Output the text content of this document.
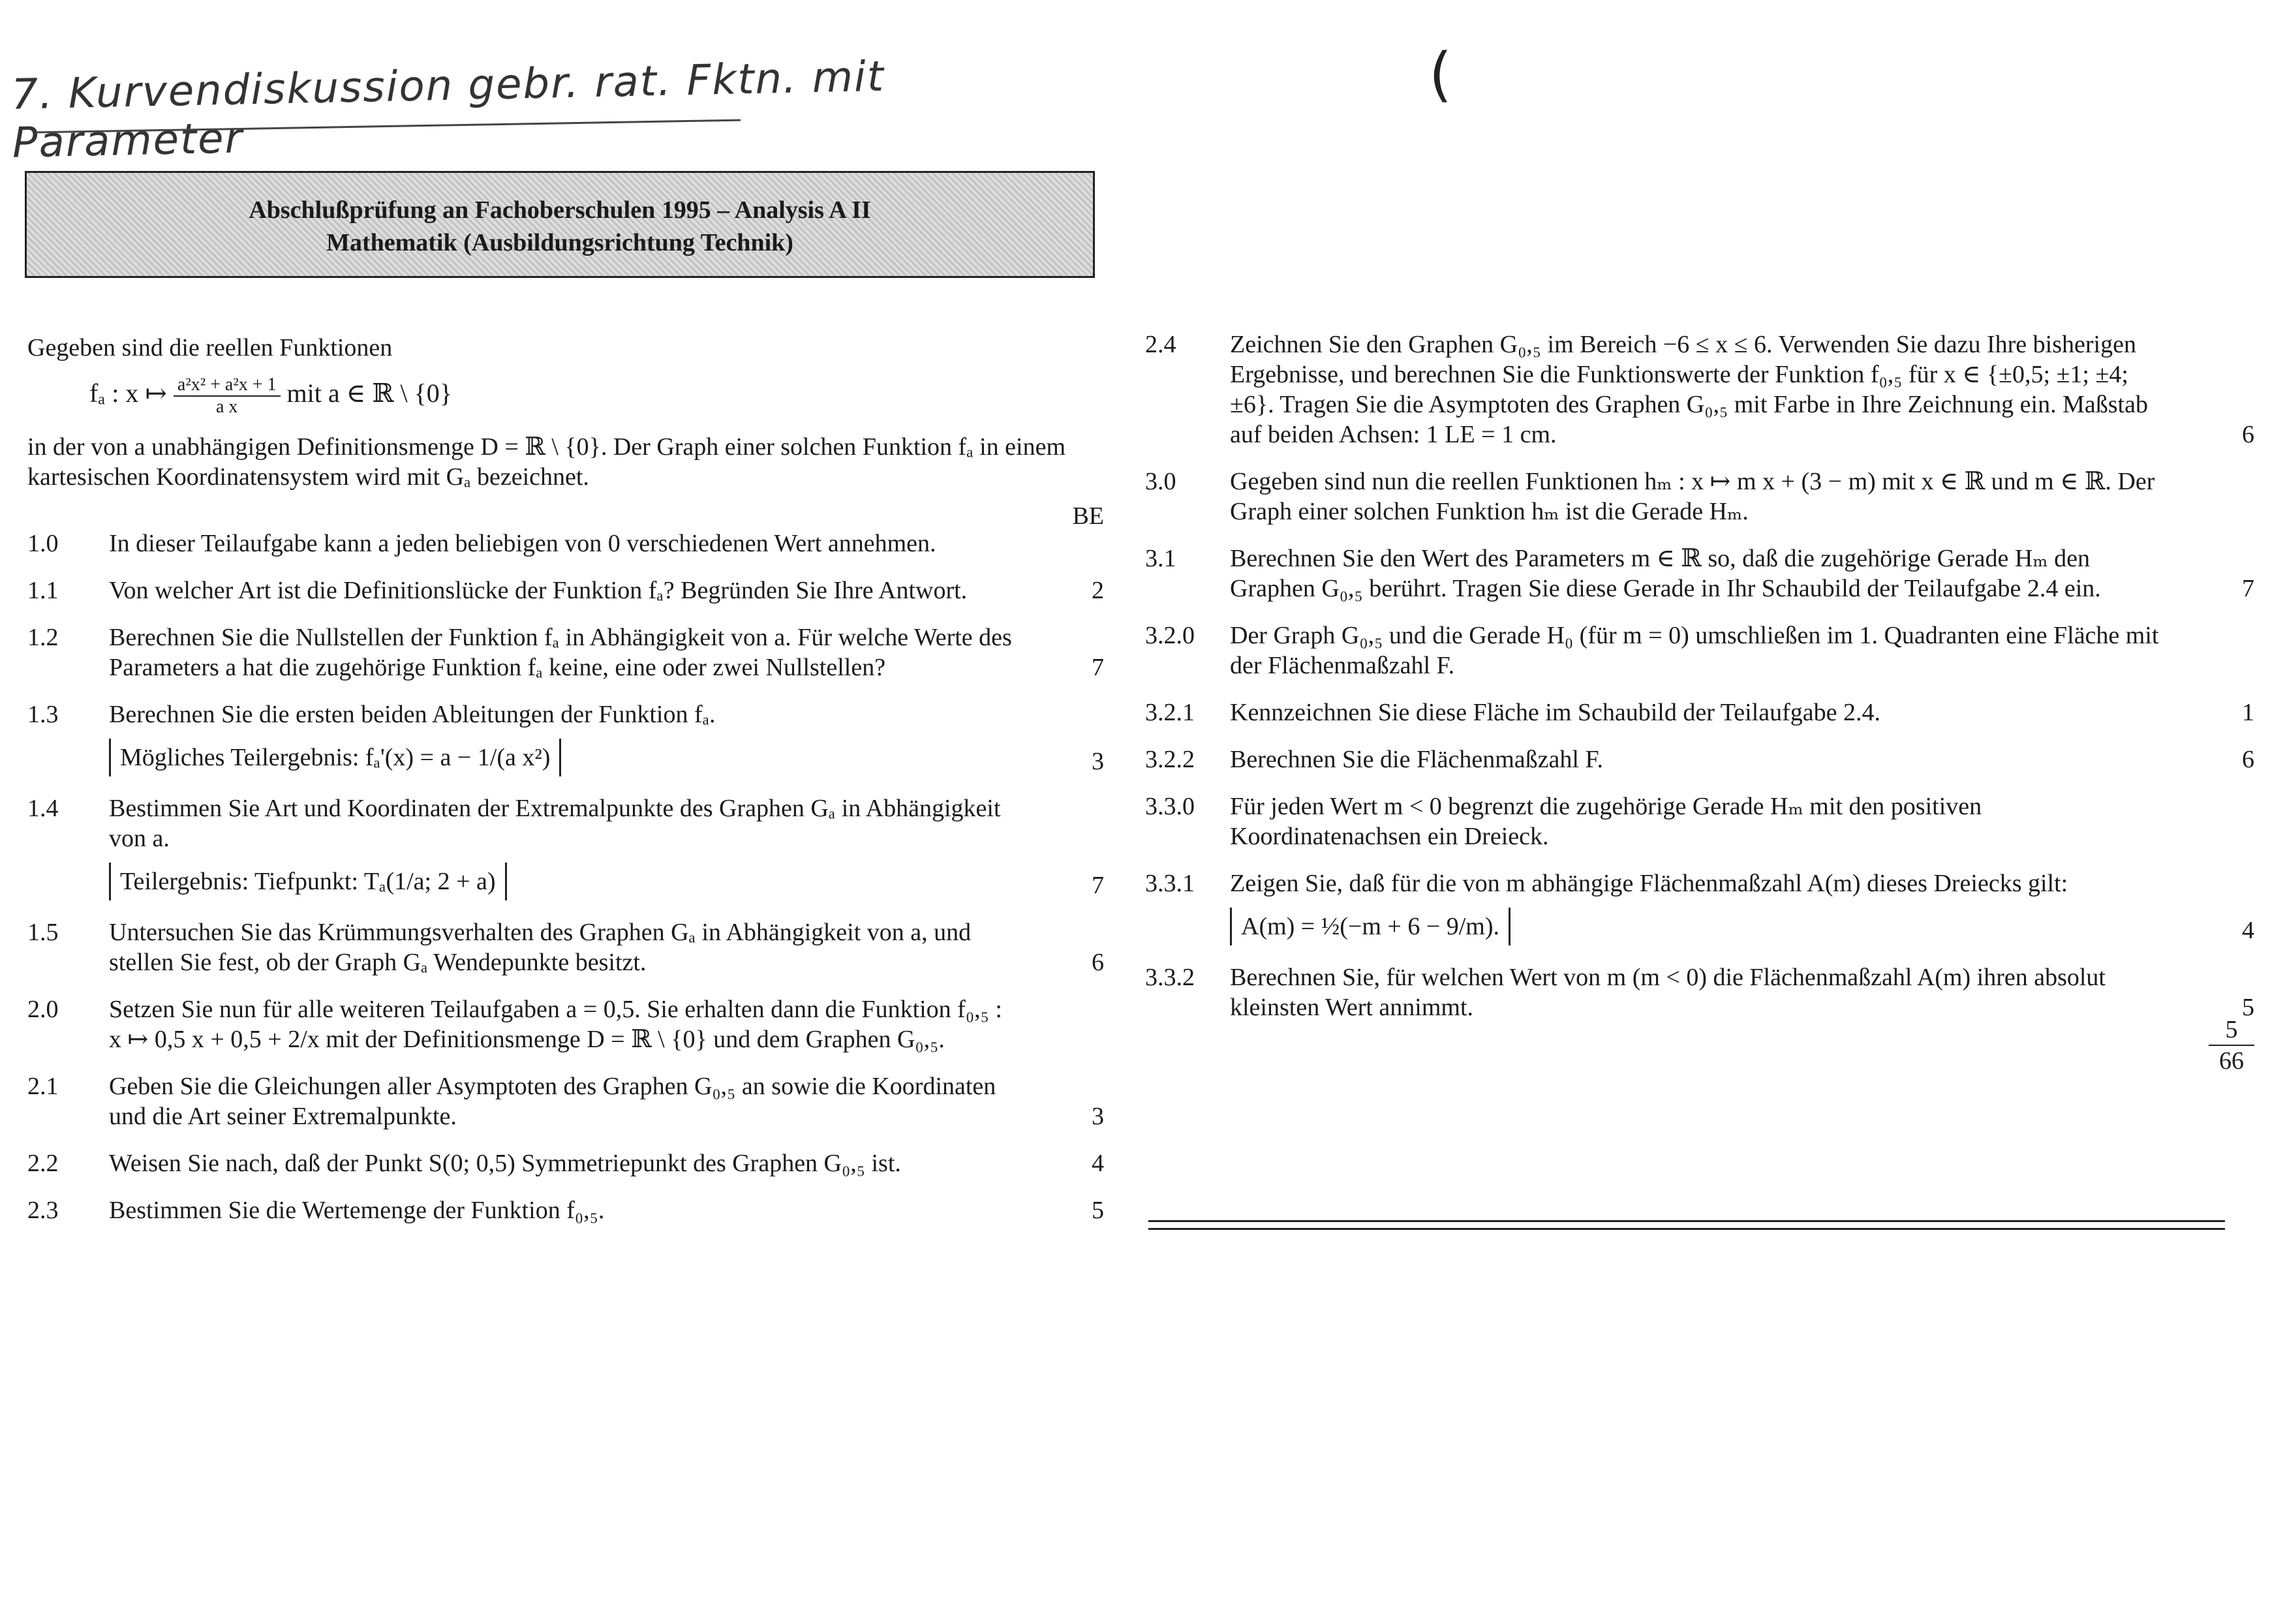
7. Kurvendiskussion gebr. rat. Fktn. mit Parameter
(
Abschlußprüfung an Fachoberschulen 1995 – Analysis A II
Mathematik (Ausbildungsrichtung Technik)
Gegeben sind die reellen Funktionen
fₐ : x ↦ $\frac{\text{a²x² + a²x + 1}}{\text{a x}}$ mit a ∈ ℝ \ {0}
in der von a unabhängigen Definitionsmenge D = ℝ \ {0}. Der Graph einer solchen Funktion fₐ in einem kartesischen Koordinatensystem wird mit Gₐ bezeichnet.
BE
1.0	In dieser Teilaufgabe kann a jeden beliebigen von 0 verschiedenen Wert annehmen.
1.1	Von welcher Art ist die Definitionslücke der Funktion fₐ? Begründen Sie Ihre Antwort.	2
1.2	Berechnen Sie die Nullstellen der Funktion fₐ in Abhängigkeit von a. Für welche Werte des Parameters a hat die zugehörige Funktion fₐ keine, eine oder zwei Nullstellen?	7
1.3	Berechnen Sie die ersten beiden Ableitungen der Funktion fₐ.
Mögliches Teilergebnis: fₐ'(x) = a − 1/(a x²)	3
1.4	Bestimmen Sie Art und Koordinaten der Extremalpunkte des Graphen Gₐ in Abhängigkeit von a.
Teilergebnis: Tiefpunkt: Tₐ(1/a; 2 + a)	7
1.5	Untersuchen Sie das Krümmungsverhalten des Graphen Gₐ in Abhängigkeit von a, und stellen Sie fest, ob der Graph Gₐ Wendepunkte besitzt.	6
2.0	Setzen Sie nun für alle weiteren Teilaufgaben a = 0,5. Sie erhalten dann die Funktion f₀,₅ : x ↦ 0,5 x + 0,5 + 2/x mit der Definitionsmenge D = ℝ \ {0} und dem Graphen G₀,₅.
2.1	Geben Sie die Gleichungen aller Asymptoten des Graphen G₀,₅ an sowie die Koordinaten und die Art seiner Extremalpunkte.	3
2.2	Weisen Sie nach, daß der Punkt S(0; 0,5) Symmetriepunkt des Graphen G₀,₅ ist.	4
2.3	Bestimmen Sie die Wertemenge der Funktion f₀,₅.	5
2.4	Zeichnen Sie den Graphen G₀,₅ im Bereich −6 ≤ x ≤ 6. Verwenden Sie dazu Ihre bisherigen Ergebnisse, und berechnen Sie die Funktionswerte der Funktion f₀,₅ für x ∈ {±0,5; ±1; ±4; ±6}. Tragen Sie die Asymptoten des Graphen G₀,₅ mit Farbe in Ihre Zeichnung ein. Maßstab auf beiden Achsen: 1 LE = 1 cm.	6
3.0	Gegeben sind nun die reellen Funktionen hₘ : x ↦ m x + (3 − m) mit x ∈ ℝ und m ∈ ℝ. Der Graph einer solchen Funktion hₘ ist die Gerade Hₘ.
3.1	Berechnen Sie den Wert des Parameters m ∈ ℝ so, daß die zugehörige Gerade Hₘ den Graphen G₀,₅ berührt. Tragen Sie diese Gerade in Ihr Schaubild der Teilaufgabe 2.4 ein.	7
3.2.0	Der Graph G₀,₅ und die Gerade H₀ (für m = 0) umschließen im 1. Quadranten eine Fläche mit der Flächenmaßzahl F.
3.2.1	Kennzeichnen Sie diese Fläche im Schaubild der Teilaufgabe 2.4.	1
3.2.2	Berechnen Sie die Flächenmaßzahl F.	6
3.3.0	Für jeden Wert m < 0 begrenzt die zugehörige Gerade Hₘ mit den positiven Koordinatenachsen ein Dreieck.
3.3.1	Zeigen Sie, daß für die von m abhängige Flächenmaßzahl A(m) dieses Dreiecks gilt:
A(m) = ½(−m + 6 − 9/m).	4
3.3.2	Berechnen Sie, für welchen Wert von m (m < 0) die Flächenmaßzahl A(m) ihren absolut kleinsten Wert annimmt.	5
$\frac{5}{66}$
